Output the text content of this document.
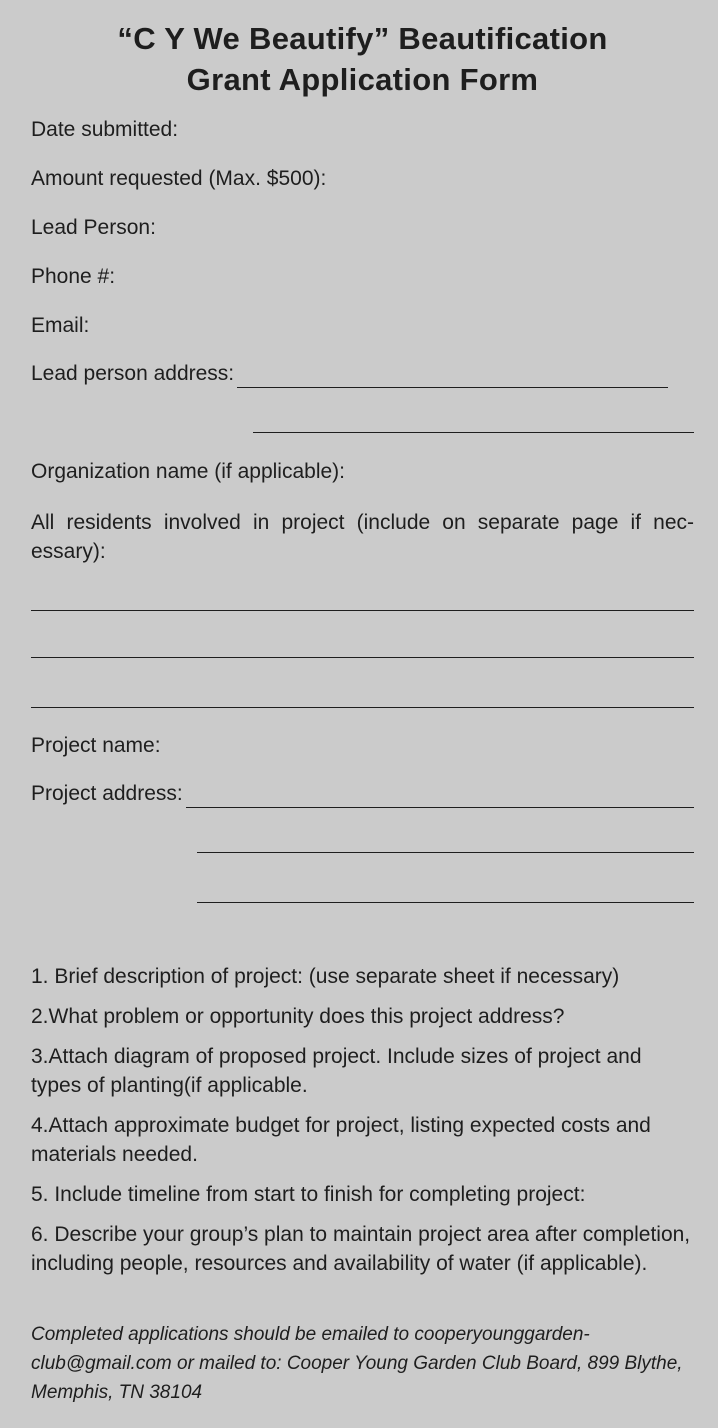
“C Y We Beautify” Beautification
Grant Application Form
Date submitted:
Amount requested (Max. $500):
Lead Person:
Phone #:
Email:
Lead person address:
Organization name (if applicable):
All residents involved in project (include on separate page if nec-essary):
Project name:
Project address:

1. Brief description of project: (use separate sheet if necessary)

2.What problem or opportunity does this project address?

3.Attach diagram of proposed project. Include sizes of project and types of planting(if applicable.

4.Attach approximate budget for project, listing expected costs and materials needed.

5. Include timeline from start to finish for completing project:

6. Describe your group’s plan to maintain project area after completion, including people, resources and availability of water (if applicable).

Completed applications should be emailed to cooperyounggarden-club@gmail.com or mailed to: Cooper Young Garden Club Board, 899 Blythe, Memphis, TN 38104
